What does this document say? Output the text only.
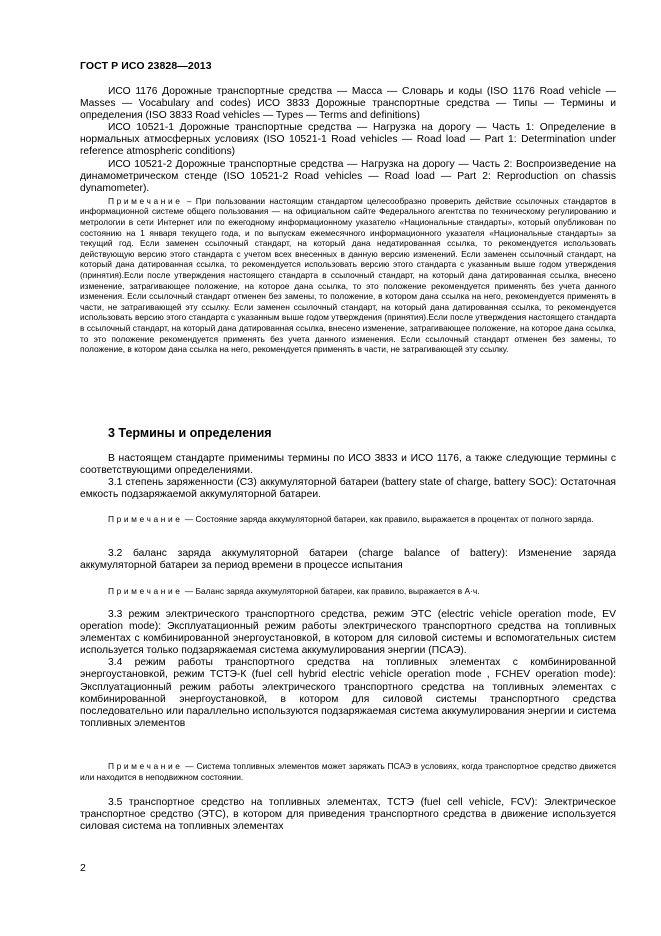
ГОСТ Р ИСО 23828—2013

ИСО 1176 Дорожные транспортные средства — Масса — Словарь и коды (ISO 1176 Road vehicle — Masses — Vocabulary and codes) ИСО 3833 Дорожные транспортные средства — Типы — Термины и определения (ISO 3833 Road vehicles — Types — Terms and definitions)

ИСО 10521-1 Дорожные транспортные средства — Нагрузка на дорогу — Часть 1: Определение в нормальных атмосферных условиях (ISO 10521-1 Road vehicles — Road load — Part 1: Determination under reference atmospheric conditions)

ИСО 10521-2 Дорожные транспортные средства — Нагрузка на дорогу — Часть 2: Воспроизведение на динамометрическом стенде (ISO 10521-2 Road vehicles — Road load — Part 2: Reproduction on chassis dynamometer).

Примечание – При пользовании настоящим стандартом целесообразно проверить действие ссылочных стандартов в информационной системе общего пользования — на официальном сайте Федерального агентства по техническому регулированию и метрологии в сети Интернет или по ежегодному информационному указателю «Национальные стандарты», который опубликован по состоянию на 1 января текущего года, и по выпускам ежемесячного информационного указателя «Национальные стандарты» за текущий год. Если заменен ссылочный стандарт, на который дана недатированная ссылка, то рекомендуется использовать действующую версию этого стандарта с учетом всех внесенных в данную версию изменений. Если заменен ссылочный стандарт, на который дана датированная ссылка, то рекомендуется использовать версию этого стандарта с указанным выше годом утверждения (принятия).Если после утверждения настоящего стандарта в ссылочный стандарт, на который дана датированная ссылка, внесено изменение, затрагивающее положение, на которое дана ссылка, то это положение рекомендуется применять без учета данного изменения. Если ссылочный стандарт отменен без замены, то положение, в котором дана ссылка на него, рекомендуется применять в части, не затрагивающей эту ссылку. Если заменен ссылочный стандарт, на который дана датированная ссылка, то рекомендуется использовать версию этого стандарта с указанным выше годом утверждения (принятия).Если после утверждения настоящего стандарта в ссылочный стандарт, на который дана датированная ссылка, внесено изменение, затрагивающее положение, на которое дана ссылка, то это положение рекомендуется применять без учета данного изменения. Если ссылочный стандарт отменен без замены, то положение, в котором дана ссылка на него, рекомендуется применять в части, не затрагивающей эту ссылку.

3 Термины и определения

В настоящем стандарте применимы термины по ИСО 3833 и ИСО 1176, а также следующие термины с соответствующими определениями.

3.1 степень заряженности (СЗ) аккумуляторной батареи (battery state of charge, battery SOC): Остаточная емкость подзаряжаемой аккумуляторной батареи.

Примечание — Состояние заряда аккумуляторной батареи, как правило, выражается в процентах от полного заряда.

3.2 баланс заряда аккумуляторной батареи (charge balance of battery): Изменение заряда аккумуляторной батареи за период времени в процессе испытания

Примечание — Баланс заряда аккумуляторной батареи, как правило, выражается в А·ч.

3.3 режим электрического транспортного средства, режим ЭТС (electric vehicle operation mode, EV operation mode): Эксплуатационный режим работы электрического транспортного средства на топливных элементах с комбинированной энергоустановкой, в котором для силовой системы и вспомогательных систем используется только подзаряжаемая система аккумулирования энергии (ПСАЭ).

3.4 режим работы транспортного средства на топливных элементах с комбинированной энергоустановкой, режим ТСТЭ-К (fuel cell hybrid electric vehicle operation mode , FCHEV operation mode): Эксплуатационный режим работы электрического транспортного средства на топливных элементах с комбинированной энергоустановкой, в котором для силовой системы транспортного средства последовательно или параллельно используются подзаряжаемая система аккумулирования энергии и система топливных элементов

Примечание — Система топливных элементов может заряжать ПСАЭ в условиях, когда транспортное средство движется или находится в неподвижном состоянии.

3.5 транспортное средство на топливных элементах, ТСТЭ (fuel cell vehicle, FCV): Электрическое транспортное средство (ЭТС), в котором для приведения транспортного средства в движение используется силовая система на топливных элементах

2
